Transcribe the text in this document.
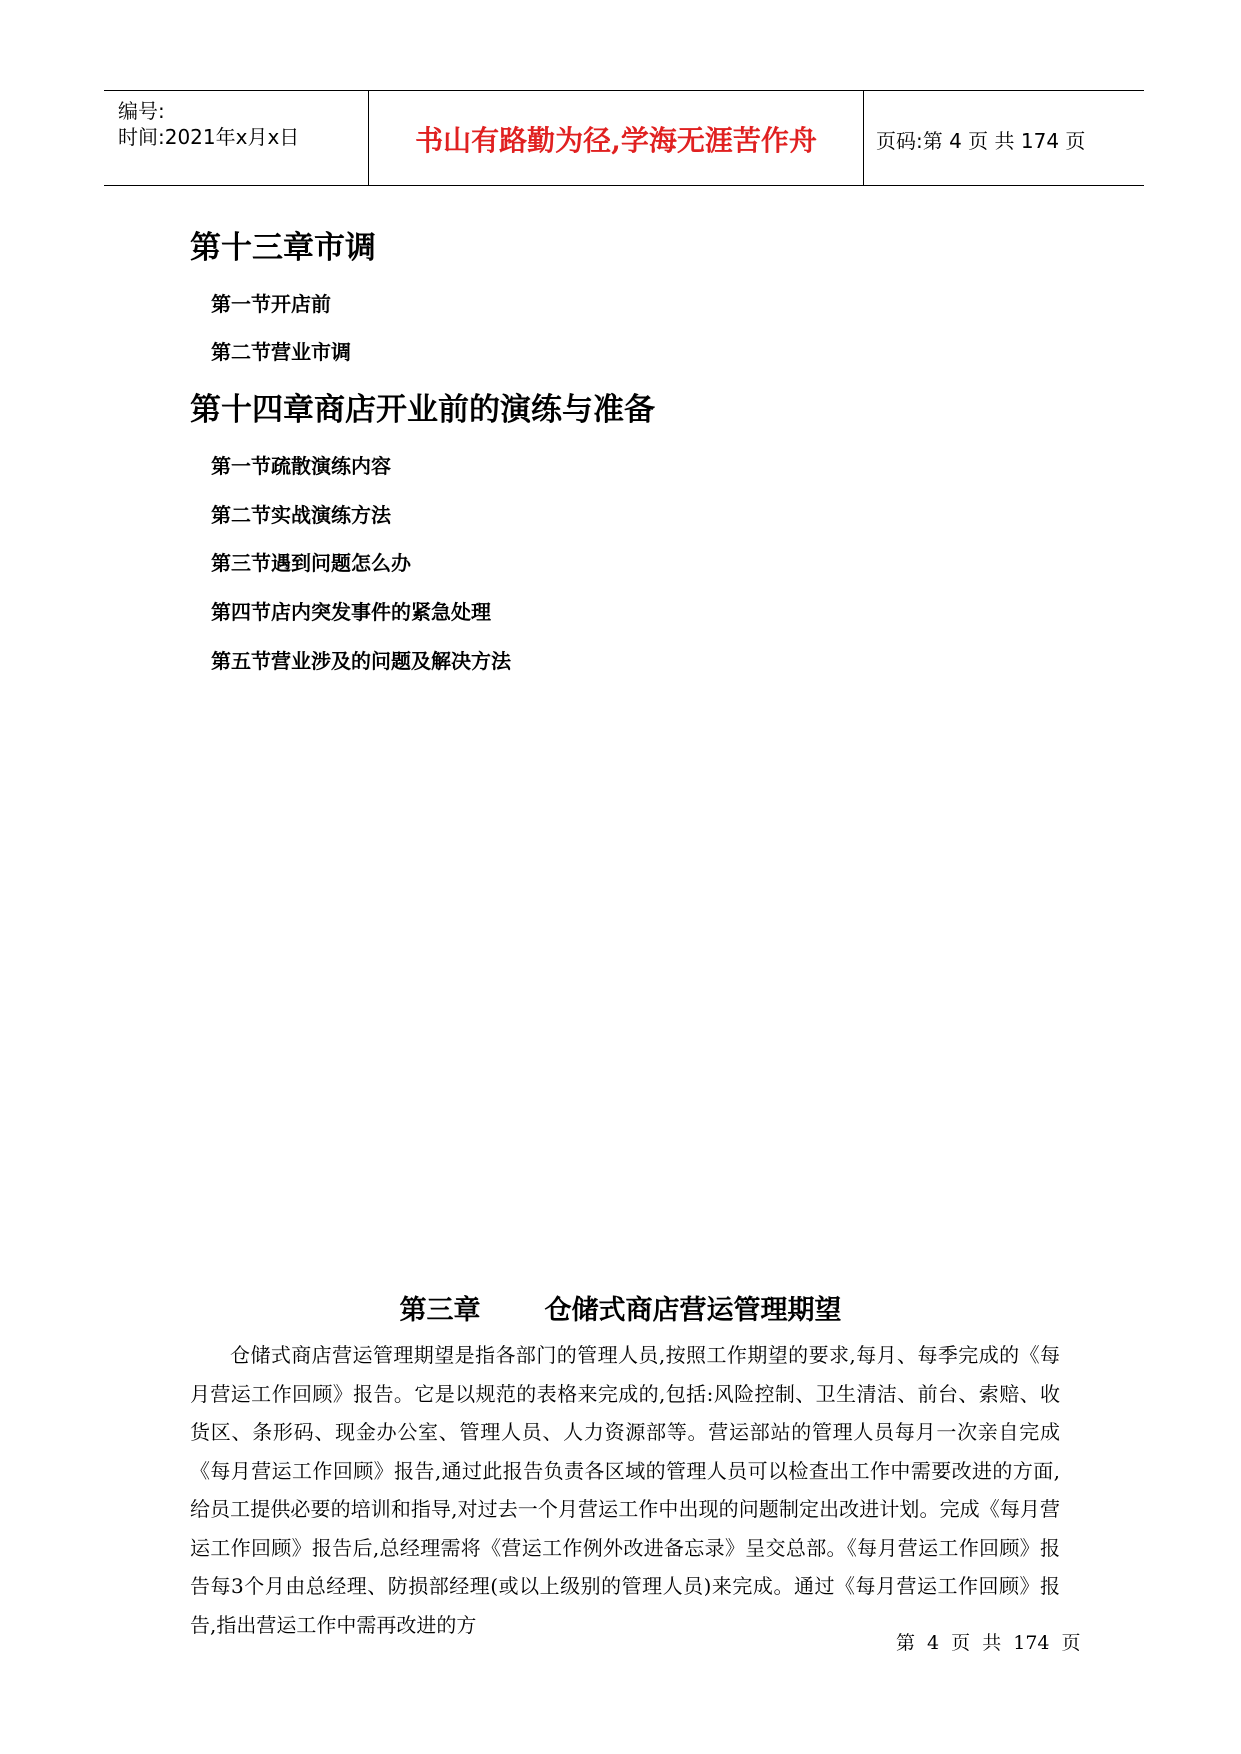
编号:
时间:2021年x月x日	书山有路勤为径,学海无涯苦作舟	页码:第 4 页 共 174 页
第十三章市调
第一节开店前
第二节营业市调
第十四章商店开业前的演练与准备
第一节疏散演练内容
第二节实战演练方法
第三节遇到问题怎么办
第四节店内突发事件的紧急处理
第五节营业涉及的问题及解决方法
第三章 仓储式商店营运管理期望
仓储式商店营运管理期望是指各部门的管理人员,按照工作期望的要求,每月、每季完成的《每月营运工作回顾》报告。它是以规范的表格来完成的,包括:风险控制、卫生清洁、前台、索赔、收货区、条形码、现金办公室、管理人员、人力资源部等。营运部站的管理人员每月一次亲自完成《每月营运工作回顾》报告,通过此报告负责各区域的管理人员可以检查出工作中需要改进的方面,给员工提供必要的培训和指导,对过去一个月营运工作中出现的问题制定出改进计划。完成《每月营运工作回顾》报告后,总经理需将《营运工作例外改进备忘录》呈交总部。《每月营运工作回顾》报告每3个月由总经理、防损部经理(或以上级别的管理人员)来完成。通过《每月营运工作回顾》报告,指出营运工作中需再改进的方
第 4 页 共 174 页
